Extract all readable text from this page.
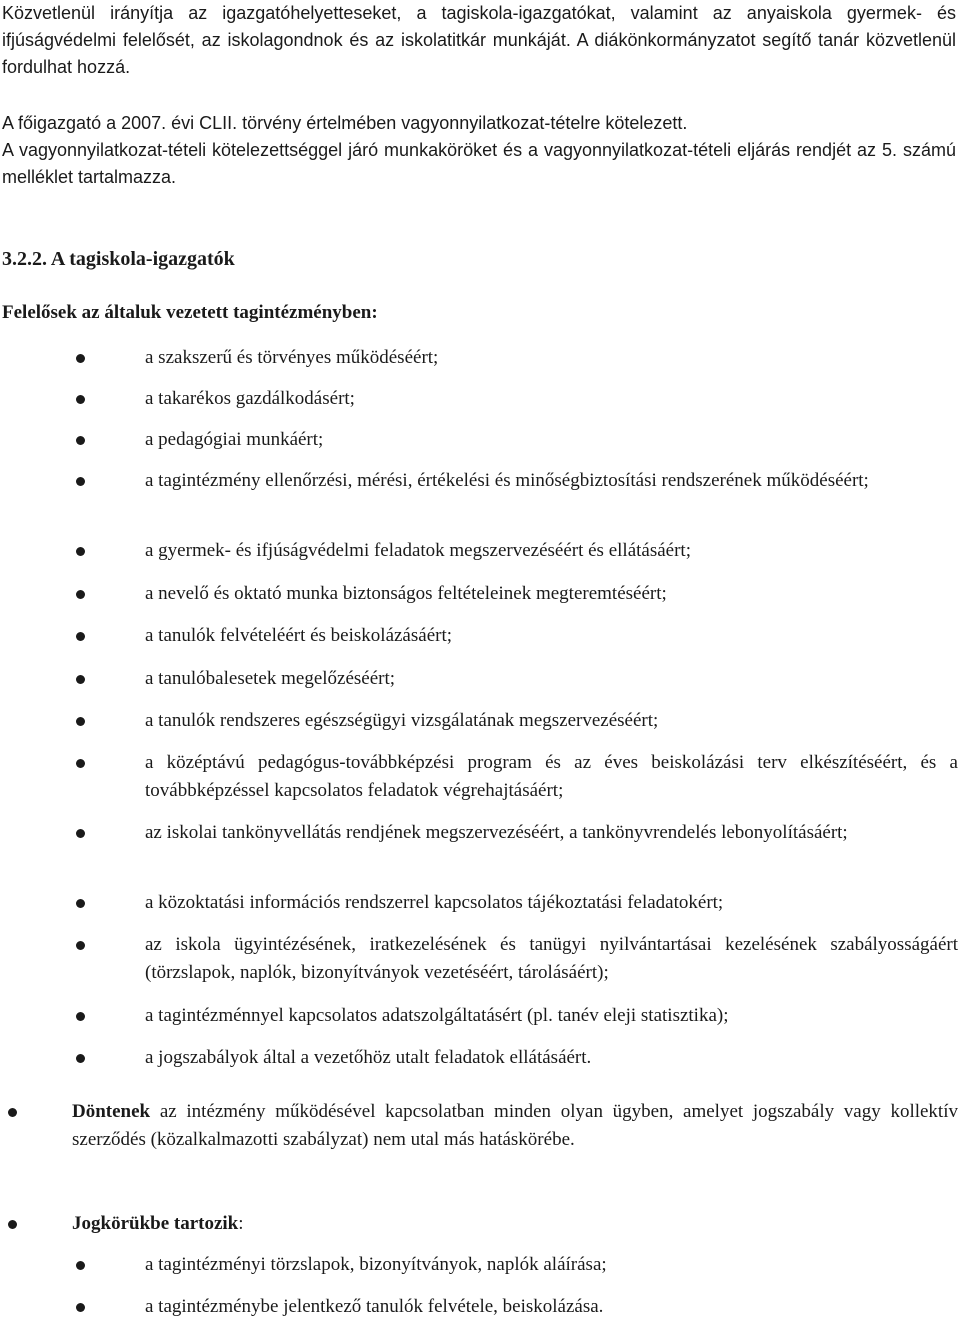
Közvetlenül irányítja az igazgatóhelyetteseket, a tagiskola-igazgatókat, valamint az anyaiskola gyermek- és ifjúságvédelmi felelősét, az iskolagondnok és az iskolatitkár munkáját. A diákönkormányzatot segítő tanár közvetlenül fordulhat hozzá.

A főigazgató a 2007. évi CLII. törvény értelmében vagyonnyilatkozat-tételre kötelezett.

A vagyonnyilatkozat-tételi kötelezettséggel járó munkaköröket és a vagyonnyilatkozat-tételi eljárás rendjét az 5. számú melléklet tartalmazza.

3.2.2. A tagiskola-igazgatók

Felelősek az általuk vezetett tagintézményben:

a szakszerű és törvényes működéséért;
a takarékos gazdálkodásért;
a pedagógiai munkáért;
a tagintézmény ellenőrzési, mérési, értékelési és minőségbiztosítási rendszerének működéséért;
a gyermek- és ifjúságvédelmi feladatok megszervezéséért és ellátásáért;
a nevelő és oktató munka biztonságos feltételeinek megteremtéséért;
a tanulók felvételéért és beiskolázásáért;
a tanulóbalesetek megelőzéséért;
a tanulók rendszeres egészségügyi vizsgálatának megszervezéséért;
a középtávú pedagógus-továbbképzési program és az éves beiskolázási terv elkészítéséért, és a továbbképzéssel kapcsolatos feladatok végrehajtásáért;
az iskolai tankönyvellátás rendjének megszervezéséért, a tankönyvrendelés lebonyolításáért;
a közoktatási információs rendszerrel kapcsolatos tájékoztatási feladatokért;
az iskola ügyintézésének, iratkezelésének és tanügyi nyilvántartásai kezelésének szabályosságáért (törzslapok, naplók, bizonyítványok vezetéséért, tárolásáért);
a tagintézménnyel kapcsolatos adatszolgáltatásért (pl. tanév eleji statisztika);
a jogszabályok által a vezetőhöz utalt feladatok ellátásáért.
Döntenek az intézmény működésével kapcsolatban minden olyan ügyben, amelyet jogszabály vagy kollektív szerződés (közalkalmazotti szabályzat) nem utal más hatáskörébe.
Jogkörükbe tartozik:
a tagintézményi törzslapok, bizonyítványok, naplók aláírása;
a tagintézménybe jelentkező tanulók felvétele, beiskolázása.
